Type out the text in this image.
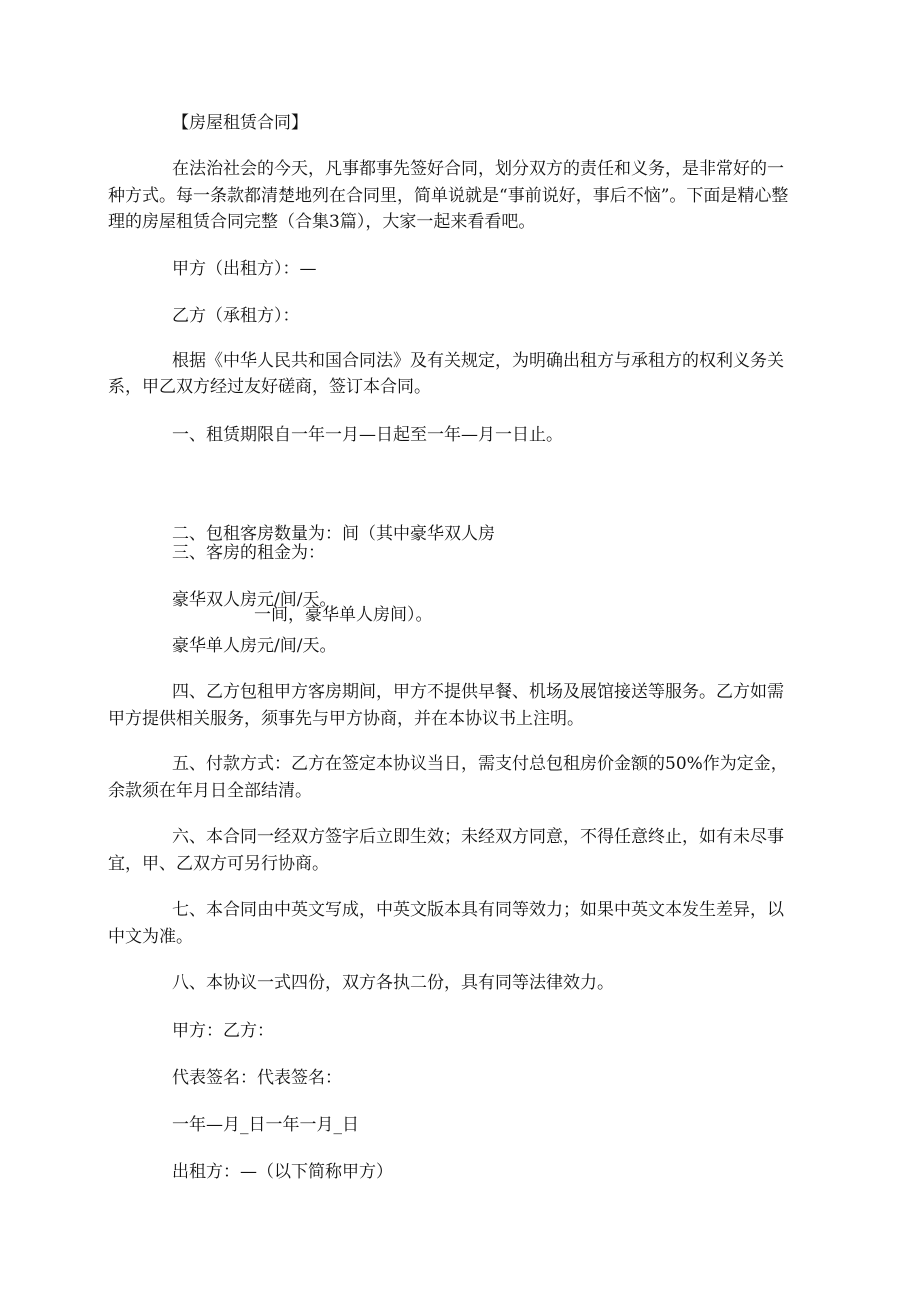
【房屋租赁合同】

在法治社会的今天，凡事都事先签好合同，划分双方的责任和义务，是非常好的一种方式。每一条款都清楚地列在合同里，简单说就是“事前说好，事后不恼”。下面是精心整理的房屋租赁合同完整（合集3篇），大家一起来看看吧。

甲方（出租方）：—

乙方（承租方）：

根据《中华人民共和国合同法》及有关规定，为明确出租方与承租方的权利义务关系，甲乙双方经过友好磋商，签订本合同。

一、租赁期限自一年一月—日起至一年—月一日止。

二、包租客房数量为：间（其中豪华双人房

一间，豪华单人房间）。

三、客房的租金为：

豪华双人房元/间/天。

豪华单人房元/间/天。

四、乙方包租甲方客房期间，甲方不提供早餐、机场及展馆接送等服务。乙方如需甲方提供相关服务，须事先与甲方协商，并在本协议书上注明。

五、付款方式：乙方在签定本协议当日，需支付总包租房价金额的50%作为定金，余款须在年月日全部结清。

六、本合同一经双方签字后立即生效；未经双方同意，不得任意终止，如有未尽事宜，甲、乙双方可另行协商。

七、本合同由中英文写成，中英文版本具有同等效力；如果中英文本发生差异，以中文为准。

八、本协议一式四份，双方各执二份，具有同等法律效力。

甲方：乙方：

代表签名：代表签名：

一年—月_日一年一月_日

出租方：—（以下简称甲方）
